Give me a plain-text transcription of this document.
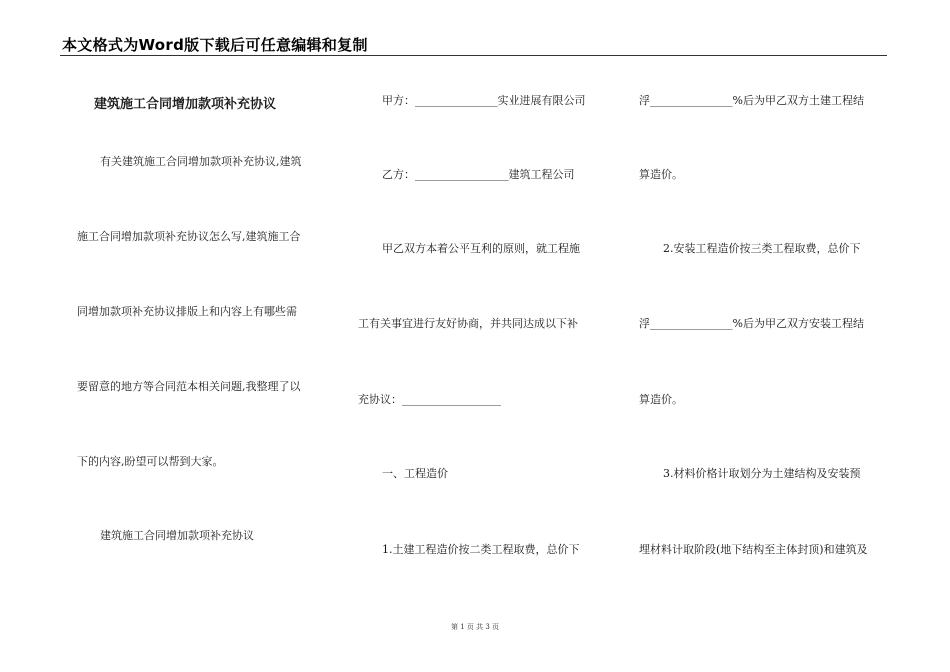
本文格式为Word版下载后可任意编辑和复制
建筑施工合同增加款项补充协议
有关建筑施工合同增加款项补充协议,建筑
施工合同增加款项补充协议怎么写,建筑施工合
同增加款项补充协议排版上和内容上有哪些需
要留意的地方等合同范本相关问题,我整理了以
下的内容,盼望可以帮到大家。
建筑施工合同增加款项补充协议
甲方：_______________实业进展有限公司
乙方：_________________建筑工程公司
甲乙双方本着公平互利的原则，就工程施
工有关事宜进行友好协商，并共同达成以下补
充协议：__________________
一、工程造价
1.土建工程造价按二类工程取费，总价下
浮_______________%后为甲乙双方土建工程结
算造价。
2.安装工程造价按三类工程取费，总价下
浮_______________%后为甲乙双方安装工程结
算造价。
3.材料价格计取划分为土建结构及安装预
埋材料计取阶段(地下结构至主体封顶)和建筑及
第 1 页 共 3 页
